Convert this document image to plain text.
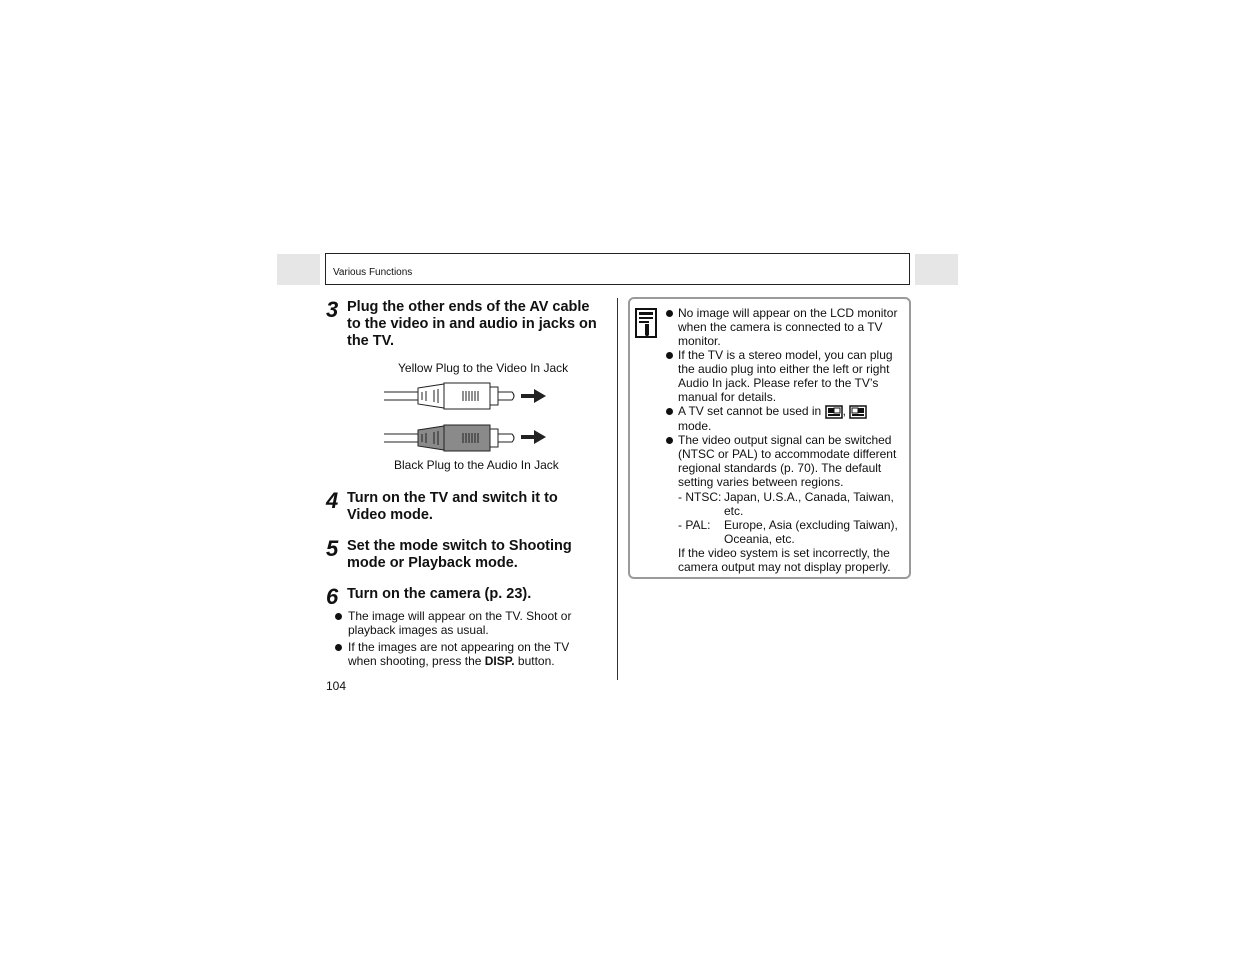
Various Functions
3 Plug the other ends of the AV cable to the video in and audio in jacks on the TV.
Yellow Plug to the Video In Jack
Black Plug to the Audio In Jack
4 Turn on the TV and switch it to Video mode.
5 Set the mode switch to Shooting mode or Playback mode.
6 Turn on the camera (p. 23).
The image will appear on the TV. Shoot or playback images as usual.
If the images are not appearing on the TV when shooting, press the DISP. button.
No image will appear on the LCD monitor when the camera is connected to a TV monitor.
If the TV is a stereo model, you can plug the audio plug into either the left or right Audio In jack. Please refer to the TV’s manual for details.
A TV set cannot be used in ,
mode.
The video output signal can be switched (NTSC or PAL) to accommodate different regional standards (p. 70). The default setting varies between regions.
- NTSC: Japan, U.S.A., Canada, Taiwan, etc.
- PAL: Europe, Asia (excluding Taiwan), Oceania, etc.
If the video system is set incorrectly, the camera output may not display properly.
104
